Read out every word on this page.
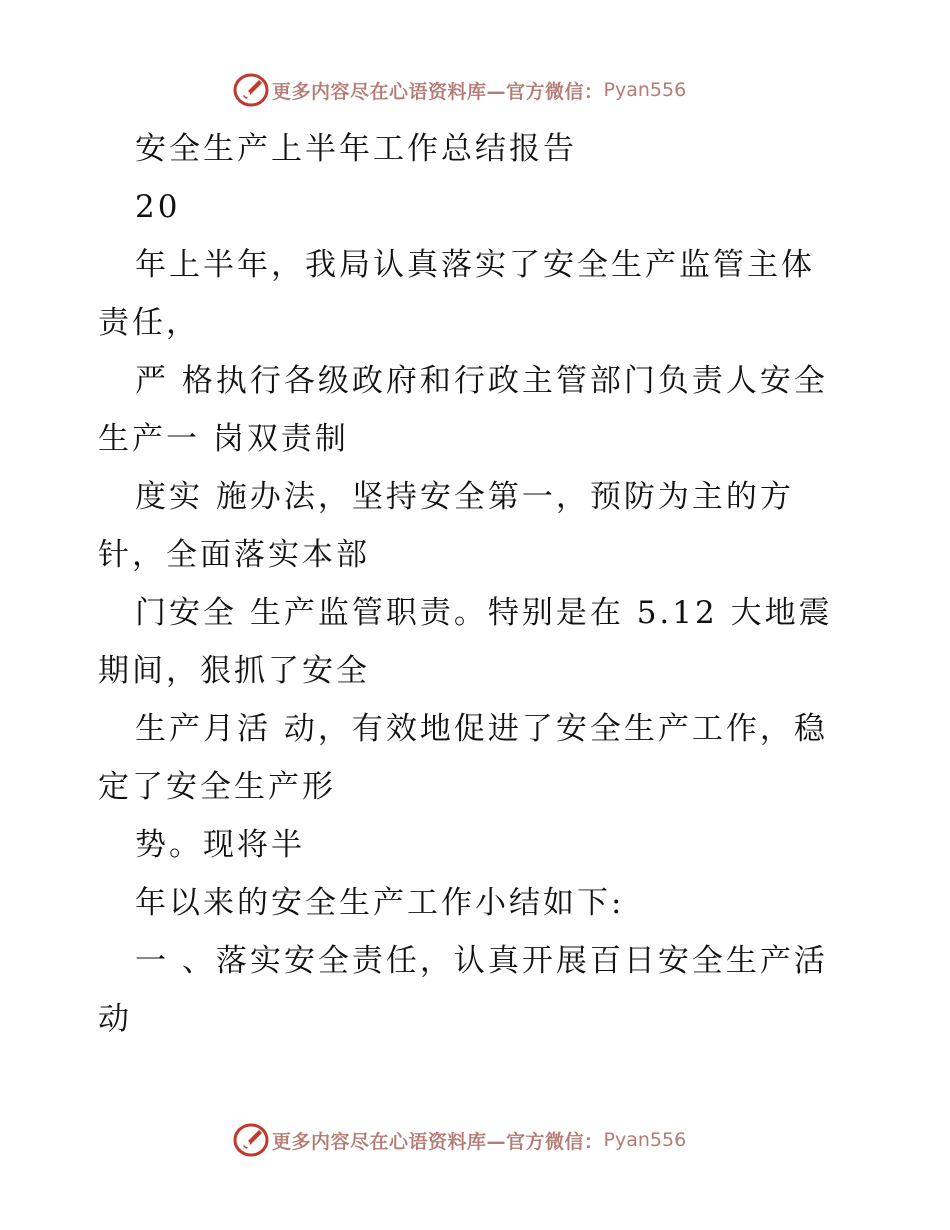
更多内容尽在心语资料库—官方微信： Pyan556

安全生产上半年工作总结报告

20

年上半年，我局认真落实了安全生产监管主体责任，

严 格执行各级政府和行政主管部门负责人安全生产一 岗双责制

度实 施办法，坚持安全第一，预防为主的方针，全面落实本部

门安全 生产监管职责。特别是在 5.12 大地震期间，狠抓了安全

生产月活 动，有效地促进了安全生产工作，稳定了安全生产形

势。现将半

年以来的安全生产工作小结如下:

一 、落实安全责任，认真开展百日安全生产活动

更多内容尽在心语资料库—官方微信： Pyan556
